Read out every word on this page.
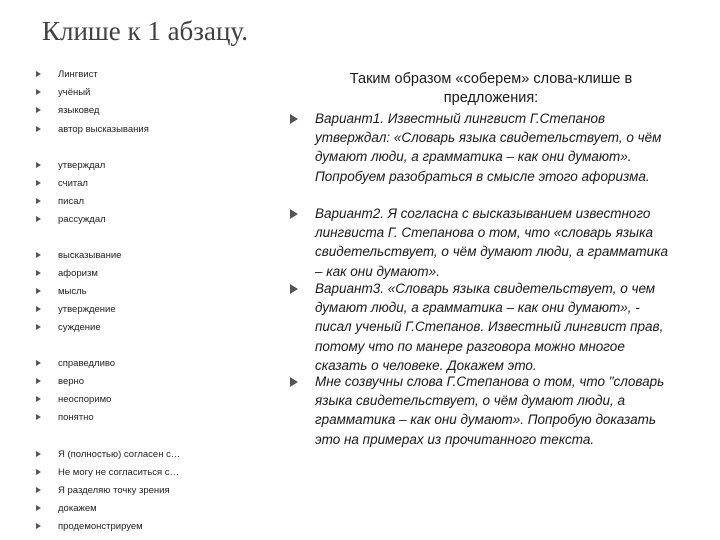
Клише к 1 абзацу.
Лингвист
учёный
языковед
автор высказывания
утверждал
считал
писал
рассуждал
высказывание
афоризм
мысль
утверждение
суждение
справедливо
верно
неоспоримо
понятно
Я (полностью) согласен с…
Не могу не согласиться с…
Я разделяю точку зрения
докажем
продемонстрируем

Таким образом «соберем» слова-клише в предложения:

Вариант1. Известный лингвист Г.Степанов утверждал: «Словарь языка свидетельствует, о чём думают люди, а грамматика – как они думают». Попробуем разобраться в смысле этого афоризма.
Вариант2. Я согласна с высказыванием известного лингвиста Г. Степанова о том, что «словарь языка свидетельствует, о чём думают люди, а грамматика – как они думают».
Вариант3. «Словарь языка свидетельствует, о чем думают люди, а грамматика – как они думают», - писал ученый Г.Степанов. Известный лингвист прав, потому что по манере разговора можно многое сказать о человеке. Докажем это.
Мне созвучны слова Г.Степанова о том, что "словарь языка свидетельствует, о чём думают люди, а грамматика – как они думают». Попробую доказать это на примерах из прочитанного текста.
